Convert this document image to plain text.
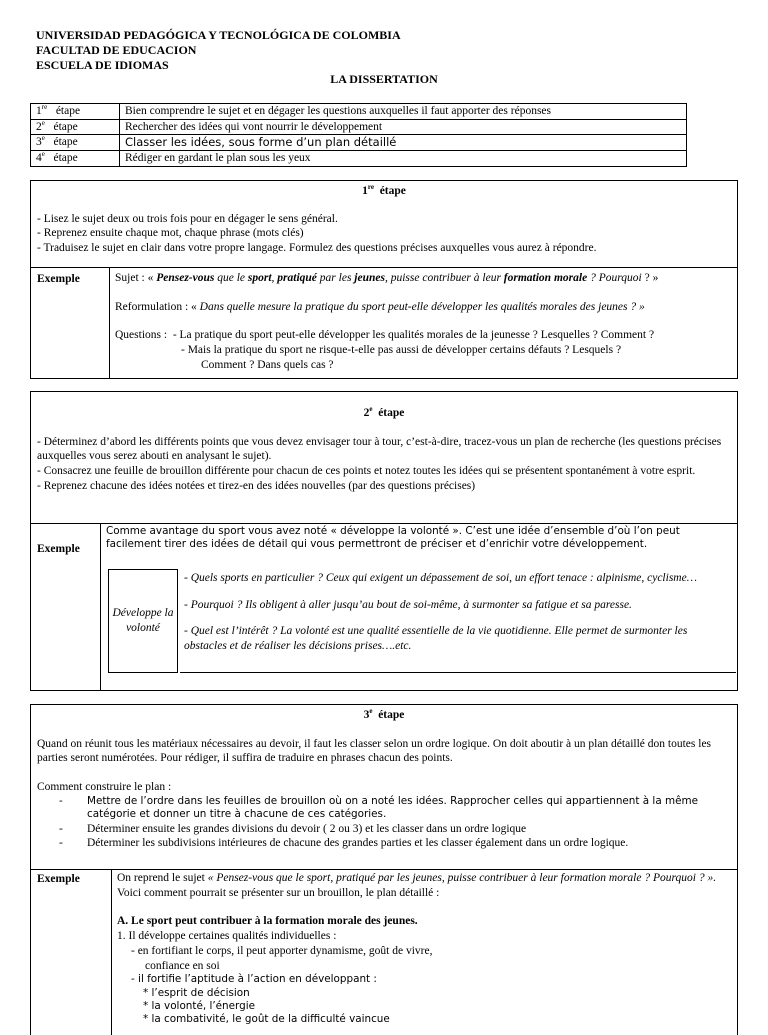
UNIVERSIDAD PEDAGÓGICA Y TECNOLÓGICA DE COLOMBIA
FACULTAD DE EDUCACION
ESCUELA DE IDIOMAS
LA DISSERTATION
1re étape	Bien comprendre le sujet et en dégager les questions auxquelles il faut apporter des réponses
2e étape	Rechercher des idées qui vont nourrir le développement
3e étape	Classer les idées, sous forme d’un plan détaillé
4e étape	Rédiger en gardant le plan sous les yeux
1re étape

- Lisez le sujet deux ou trois fois pour en dégager le sens général.

- Reprenez ensuite chaque mot, chaque phrase (mots clés)

- Traduisez le sujet en clair dans votre propre langage. Formulez des questions précises auxquelles vous aurez à répondre.

Exemple	Sujet : « Pensez-vous que le sport, pratiqué par les jeunes, puisse contribuer à leur formation morale ? Pourquoi ? »
Reformulation : « Dans quelle mesure la pratique du sport peut-elle développer les qualités morales des jeunes ? »
Questions : - La pratique du sport peut-elle développer les qualités morales de la jeunesse ? Lesquelles ? Comment ?
- Mais la pratique du sport ne risque-t-elle pas aussi de développer certains défauts ? Lesquels ?
Comment ? Dans quels cas ?
2e étape

- Déterminez d’abord les différents points que vous devez envisager tour à tour, c’est-à-dire, tracez-vous un plan de recherche (les questions précises auxquelles vous serez abouti en analysant le sujet).

- Consacrez une feuille de brouillon différente pour chacun de ces points et notez toutes les idées qui se présentent spontanément à votre esprit.

- Reprenez chacune des idées notées et tirez-en des idées nouvelles (par des questions précises)

Exemple
Comme avantage du sport vous avez noté « développe la volonté ». C’est une idée d’ensemble d’où l’on peut facilement tirer des idées de détail qui vous permettront de préciser et d’enrichir votre développement.
Développe la volonté
- Quels sports en particulier ? Ceux qui exigent un dépassement de soi, un effort tenace : alpinisme, cyclisme…
- Pourquoi ? Ils obligent à aller jusqu’au bout de soi-même, à surmonter sa fatigue et sa paresse.
- Quel est l’intérêt ? La volonté est une qualité essentielle de la vie quotidienne. Elle permet de surmonter les obstacles et de réaliser les décisions prises….etc.
3e étape

Quand on réunit tous les matériaux nécessaires au devoir, il faut les classer selon un ordre logique. On doit aboutir à un plan détaillé don toutes les parties seront numérotées. Pour rédiger, il suffira de traduire en phrases chacun des points.

Comment construire le plan :

- Mettre de l’ordre dans les feuilles de brouillon où on a noté les idées. Rapprocher celles qui appartiennent à la même catégorie et donner un titre à chacune de ces catégories.
- Déterminer ensuite les grandes divisions du devoir ( 2 ou 3) et les classer dans un ordre logique
- Déterminer les subdivisions intérieures de chacune des grandes parties et les classer également dans un ordre logique.
Exemple	On reprend le sujet « Pensez-vous que le sport, pratiqué par les jeunes, puisse contribuer à leur formation morale ? Pourquoi ? ». Voici comment pourrait se présenter sur un brouillon, le plan détaillé :
A. Le sport peut contribuer à la formation morale des jeunes.
1. Il développe certaines qualités individuelles :
- en fortifiant le corps, il peut apporter dynamisme, goût de vivre,
confiance en soi
- il fortifie l’aptitude à l’action en développant :
* l’esprit de décision
* la volonté, l’énergie
* la combativité, le goût de la difficulté vaincue
